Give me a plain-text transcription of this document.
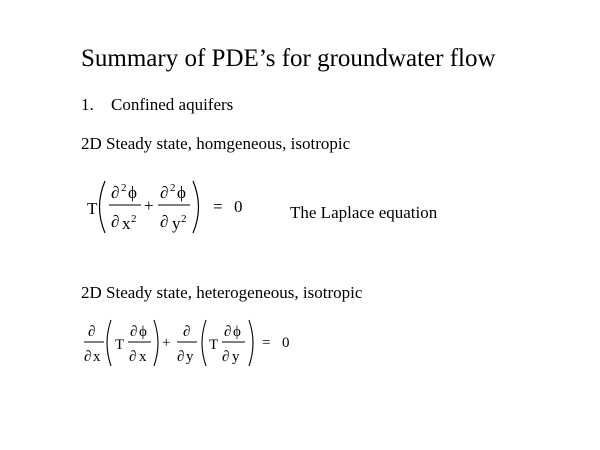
Summary of PDE’s for groundwater flow
1. Confined aquifers
2D Steady state, homgeneous, isotropic
The Laplace equation
2D Steady state, heterogeneous, isotropic
T
∂ 2 ϕ
∂ x 2
+
∂ 2 ϕ
∂ y 2
= 0
∂
∂ x
T
∂ ϕ
∂ x
+
∂
∂ y
T
∂ ϕ
∂ y
= 0
